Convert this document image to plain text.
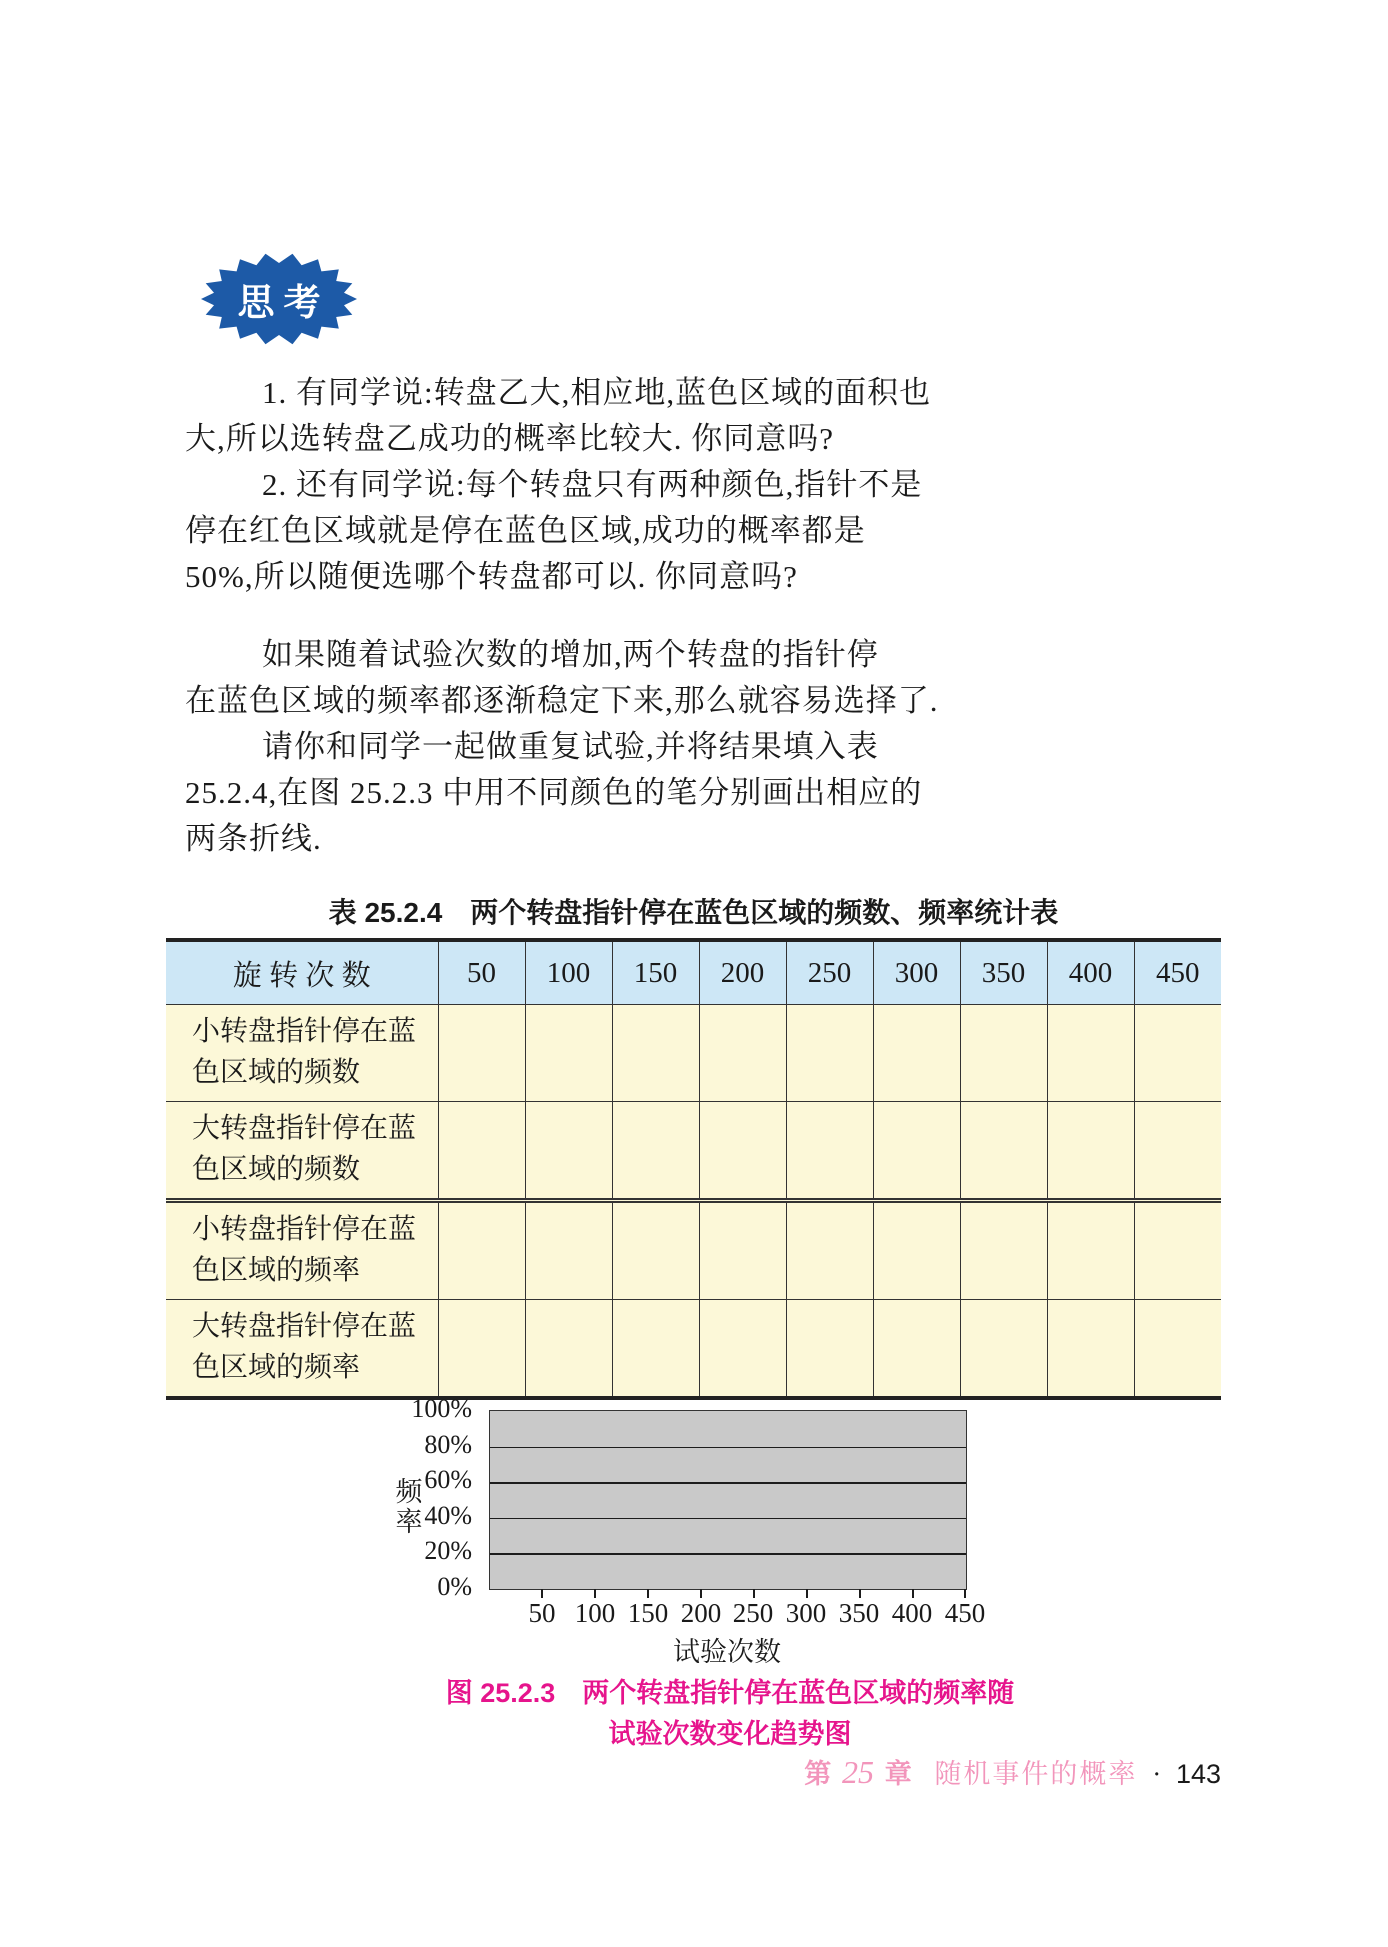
思考
1. 有同学说:转盘乙大,相应地,蓝色区域的面积也
大,所以选转盘乙成功的概率比较大. 你同意吗?
2. 还有同学说:每个转盘只有两种颜色,指针不是
停在红色区域就是停在蓝色区域,成功的概率都是
50%,所以随便选哪个转盘都可以. 你同意吗?
如果随着试验次数的增加,两个转盘的指针停
在蓝色区域的频率都逐渐稳定下来,那么就容易选择了.
请你和同学一起做重复试验,并将结果填入表
25.2.4,在图 25.2.3 中用不同颜色的笔分别画出相应的
两条折线.
表 25.2.4　两个转盘指针停在蓝色区域的频数、频率统计表
旋 转 次 数	50	100	150	200	250	300	350	400	450
小转盘指针停在蓝色区域的频数									
大转盘指针停在蓝色区域的频数									
小转盘指针停在蓝色区域的频率									
大转盘指针停在蓝色区域的频率									
100%
80%
60%
40%
20%
0%
频率
50 100 150 200 250 300 350 400 450
试验次数
图 25.2.3　两个转盘指针停在蓝色区域的频率随
试验次数变化趋势图
第 25 章 随机事件的概率 · 143
